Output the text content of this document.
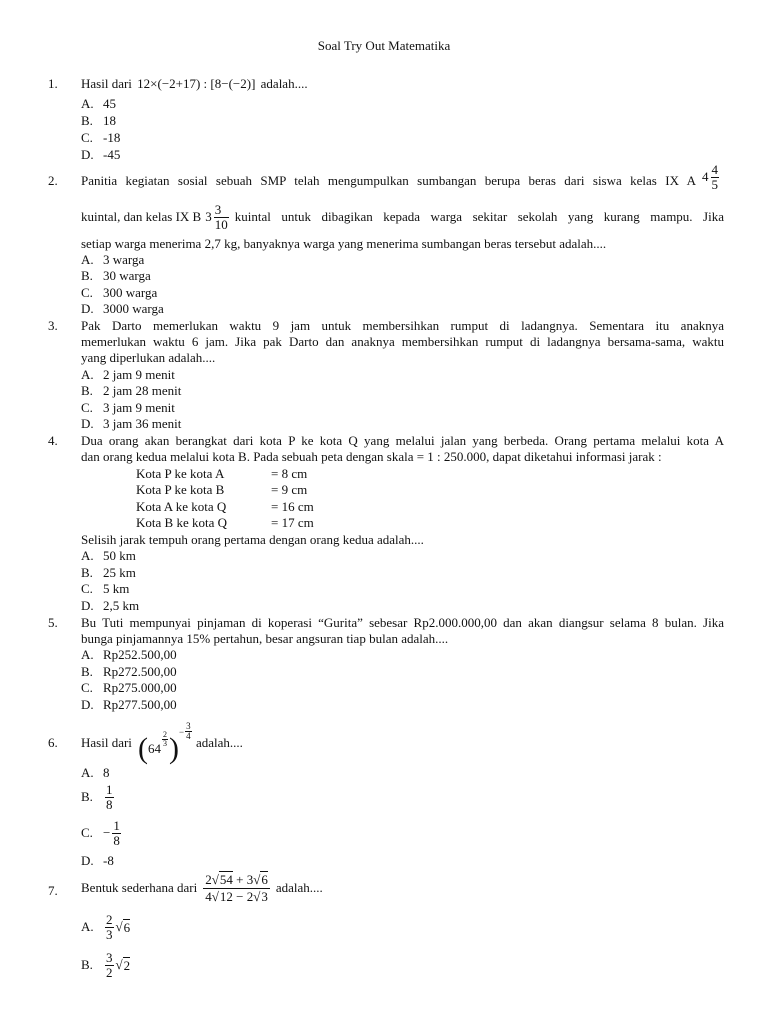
Soal Try Out Matematika
1. Hasil dari 12×(−2+17) : [8−(−2)] adalah....
A. 45
B. 18
C. -18
D. -45
2. Panitia kegiatan sosial sebuah SMP telah mengumpulkan sumbangan berupa beras dari siswa kelas IX A $4 \frac{4}{5}$
kuintal, dan kelas IX B $3 \frac{3}{10}$ kuintal untuk dibagikan kepada warga sekitar sekolah yang kurang mampu. Jika
setiap warga menerima 2,7 kg, banyaknya warga yang menerima sumbangan beras tersebut adalah....
A. 3 warga
B. 30 warga
C. 300 warga
D. 3000 warga
3. Pak Darto memerlukan waktu 9 jam untuk membersihkan rumput di ladangnya. Sementara itu anaknya
memerlukan waktu 6 jam. Jika pak Darto dan anaknya membersihkan rumput di ladangnya bersama-sama, waktu
yang diperlukan adalah....
A. 2 jam 9 menit
B. 2 jam 28 menit
C. 3 jam 9 menit
D. 3 jam 36 menit
4. Dua orang akan berangkat dari kota P ke kota Q yang melalui jalan yang berbeda. Orang pertama melalui kota A
dan orang kedua melalui kota B. Pada sebuah peta dengan skala = 1 : 250.000, dapat diketahui informasi jarak :
Kota P ke kota A	= 8 cm
Kota P ke kota B	= 9 cm
Kota A ke kota Q	= 16 cm
Kota B ke kota Q	= 17 cm
Selisih jarak tempuh orang pertama dengan orang kedua adalah....
A. 50 km
B. 25 km
C. 5 km
D. 2,5 km
5. Bu Tuti mempunyai pinjaman di koperasi “Gurita” sebesar Rp2.000.000,00 dan akan diangsur selama 8 bulan. Jika
bunga pinjamannya 15% pertahun, besar angsuran tiap bulan adalah....
A. Rp252.500,00
B. Rp272.500,00
C. Rp275.000,00
D. Rp277.500,00
6. Hasil dari (64
$\frac{2}{3}$ )− $\frac{3}{4}$
adalah....
A. 8
B. $\frac{1}{8}$
C. − $\frac{1}{8}$
D. -8
7. Bentuk sederhana dari $\frac{2√54 + 3√6}{4√12 - 2√3}$ adalah....
A. $\frac{2}{3}$ √ 6
B. $\frac{3}{2}$ √ 2
